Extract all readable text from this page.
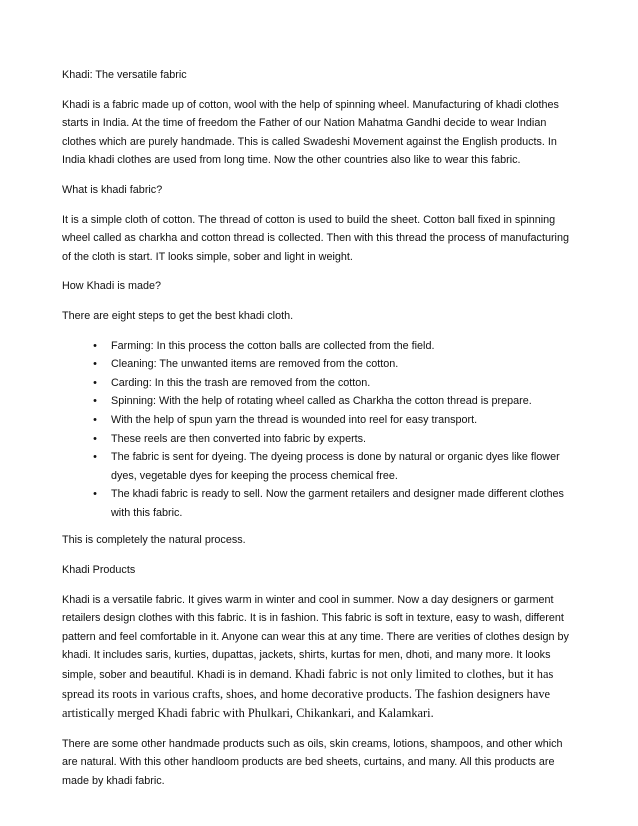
Khadi: The versatile fabric

Khadi is a fabric made up of cotton, wool with the help of spinning wheel. Manufacturing of khadi clothes starts in India. At the time of freedom the Father of our Nation Mahatma Gandhi decide to wear Indian clothes which are purely handmade. This is called Swadeshi Movement against the English products. In India khadi clothes are used from long time. Now the other countries also like to wear this fabric.

What is khadi fabric?

It is a simple cloth of cotton. The thread of cotton is used to build the sheet. Cotton ball fixed in spinning wheel called as charkha and cotton thread is collected. Then with this thread the process of manufacturing of the cloth is start. IT looks simple, sober and light in weight.

How Khadi is made?

There are eight steps to get the best khadi cloth.

• Farming: In this process the cotton balls are collected from the field.
• Cleaning: The unwanted items are removed from the cotton.
• Carding: In this the trash are removed from the cotton.
• Spinning: With the help of rotating wheel called as Charkha the cotton thread is prepare.
• With the help of spun yarn the thread is wounded into reel for easy transport.
• These reels are then converted into fabric by experts.
• The fabric is sent for dyeing. The dyeing process is done by natural or organic dyes like flower dyes, vegetable dyes for keeping the process chemical free.
• The khadi fabric is ready to sell. Now the garment retailers and designer made different clothes with this fabric.

This is completely the natural process.

Khadi Products

Khadi is a versatile fabric. It gives warm in winter and cool in summer. Now a day designers or garment retailers design clothes with this fabric. It is in fashion. This fabric is soft in texture, easy to wash, different pattern and feel comfortable in it. Anyone can wear this at any time. There are verities of clothes design by khadi. It includes saris, kurties, dupattas, jackets, shirts, kurtas for men, dhoti, and many more. It looks simple, sober and beautiful. Khadi is in demand. Khadi fabric is not only limited to clothes, but it has spread its roots in various crafts, shoes, and home decorative products. The fashion designers have artistically merged Khadi fabric with Phulkari, Chikankari, and Kalamkari.

There are some other handmade products such as oils, skin creams, lotions, shampoos, and other which are natural. With this other handloom products are bed sheets, curtains, and many. All this products are made by khadi fabric.
